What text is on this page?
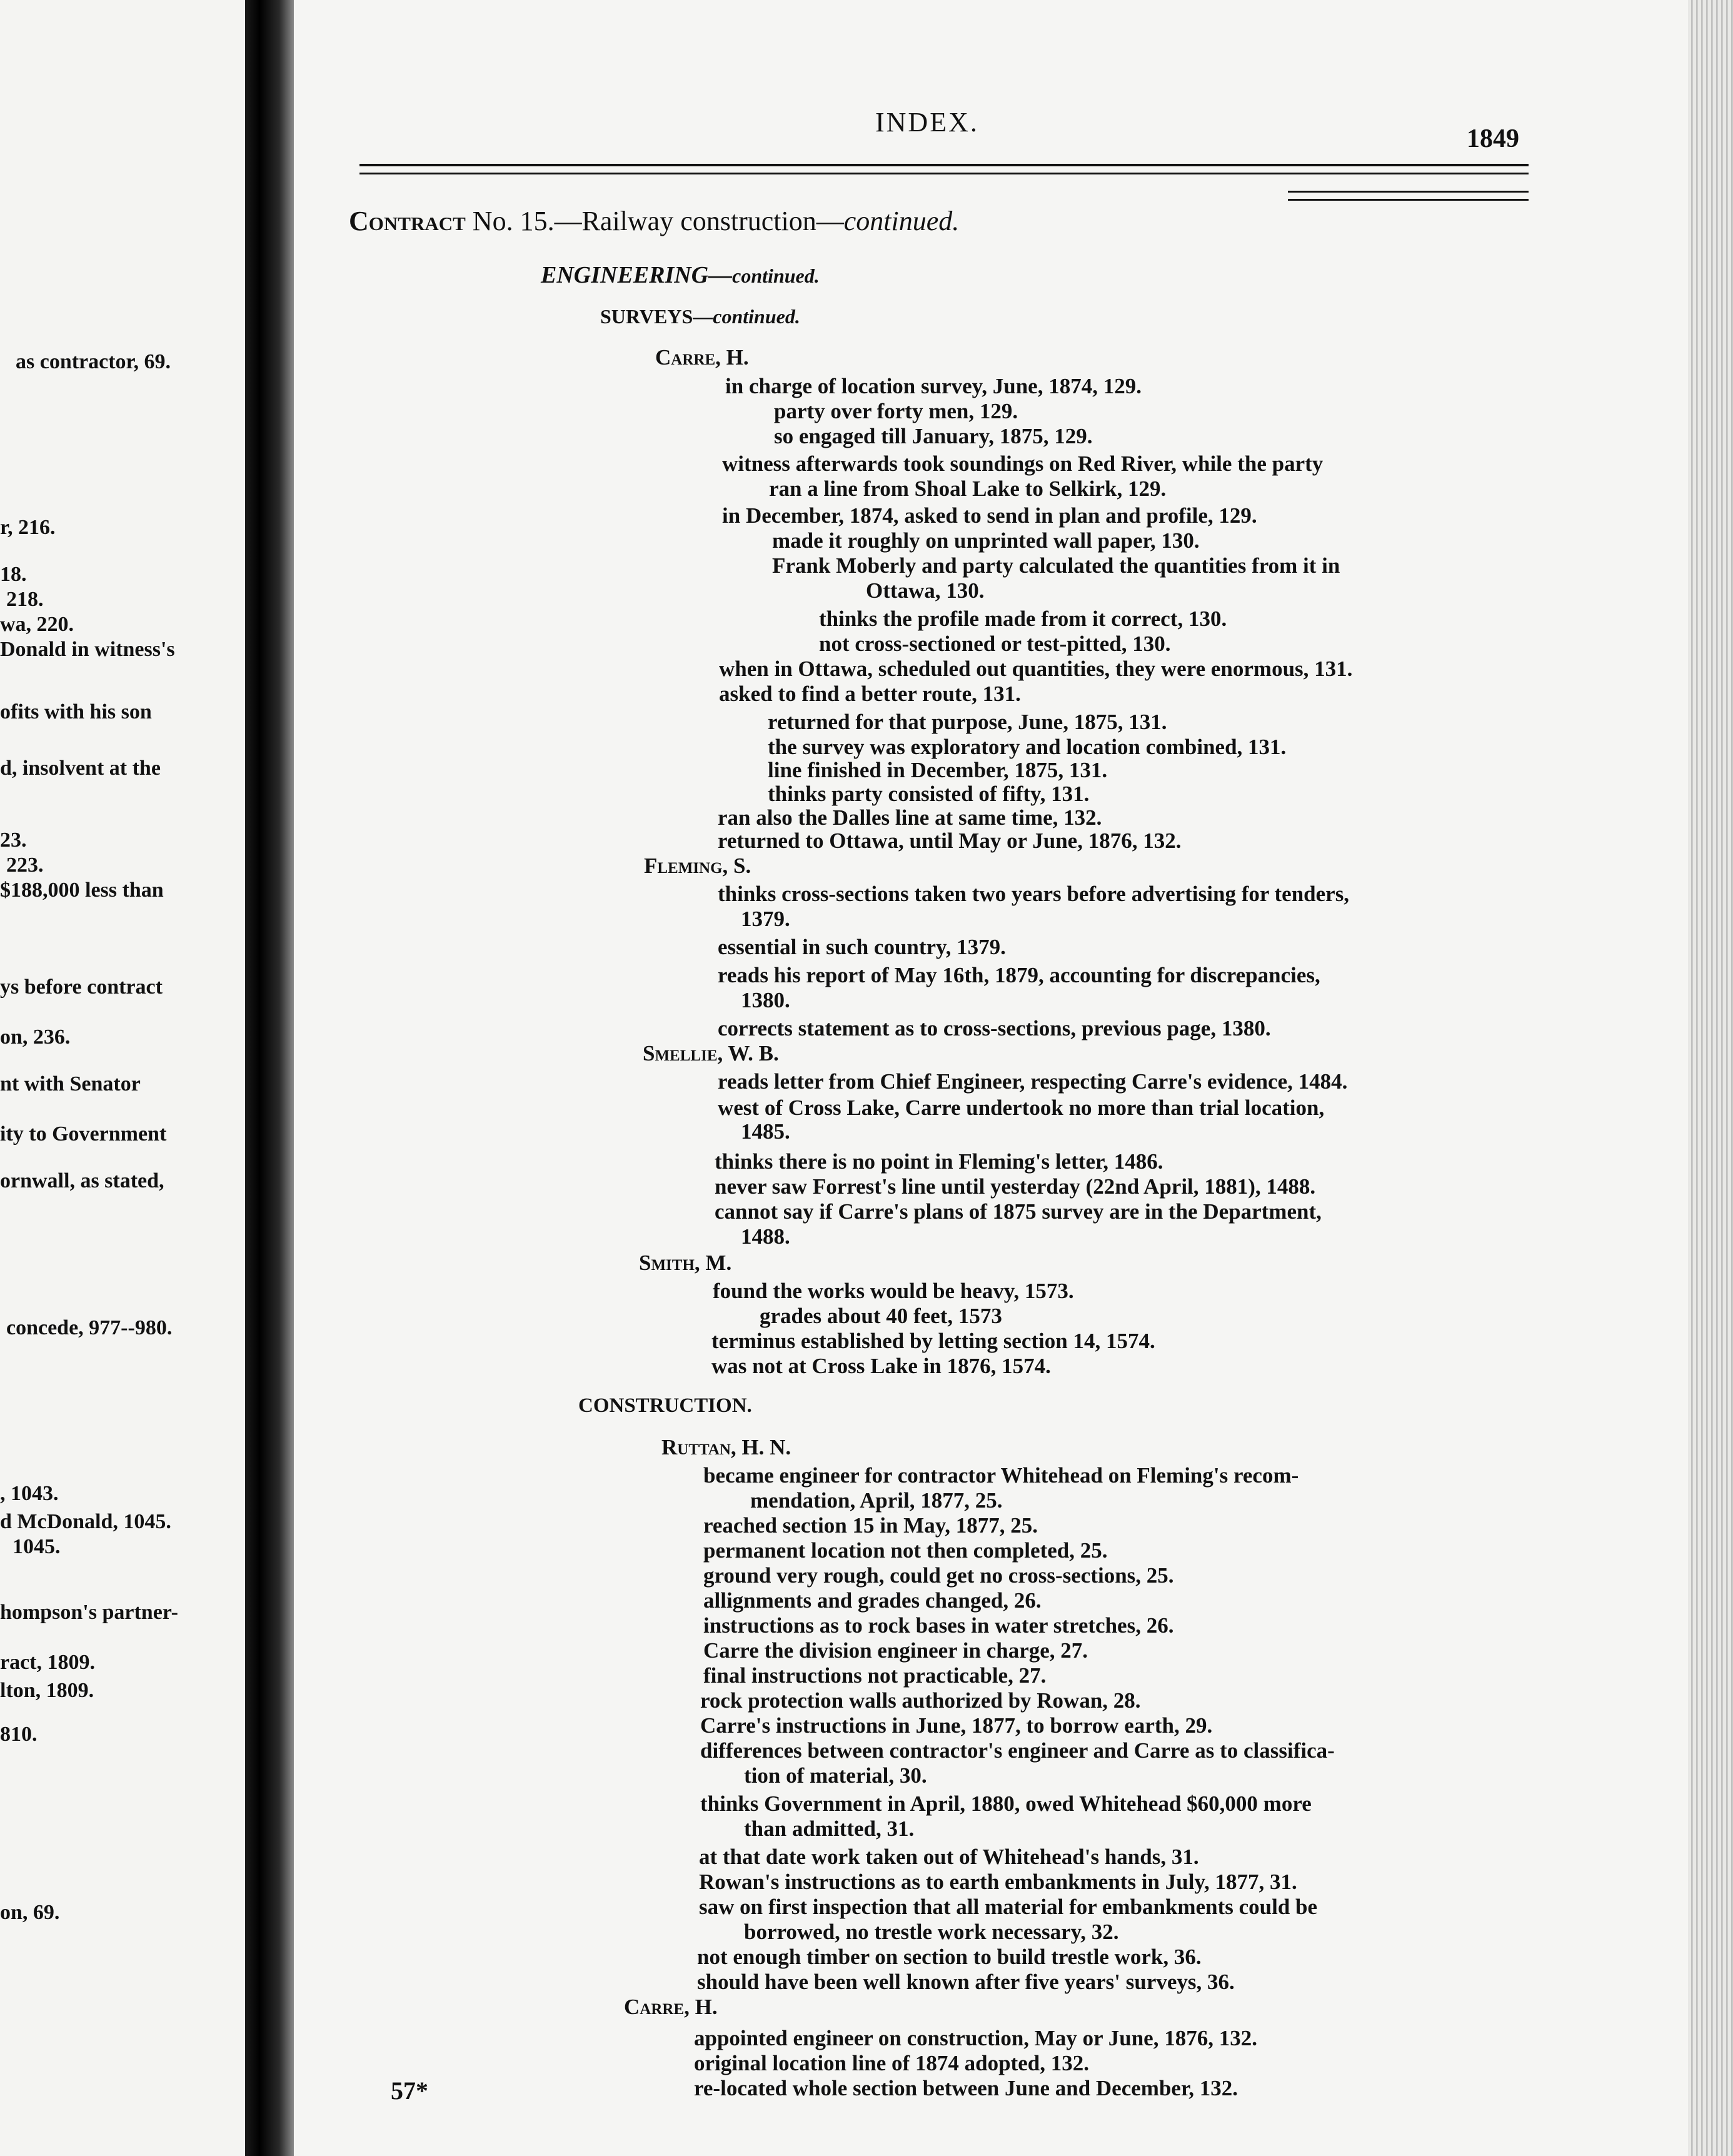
as contractor, 69.
r, 216.
18.
218.
wa, 220.
Donald in witness's
ofits with his son
d, insolvent at the
23.
223.
$188,000 less than
ys before contract
on, 236.
nt with Senator
ity to Government
ornwall, as stated,
concede, 977--980.
, 1043.
d McDonald, 1045.
1045.
hompson's partner-
ract, 1809.
lton, 1809.
810.
on, 69.
INDEX.
1849
Contract No. 15.—Railway construction—continued.
ENGINEERING—continued.
SURVEYS—continued.
Carre, H.
in charge of location survey, June, 1874, 129.
party over forty men, 129.
so engaged till January, 1875, 129.
witness afterwards took soundings on Red River, while the party
ran a line from Shoal Lake to Selkirk, 129.
in December, 1874, asked to send in plan and profile, 129.
made it roughly on unprinted wall paper, 130.
Frank Moberly and party calculated the quantities from it in
Ottawa, 130.
thinks the profile made from it correct, 130.
not cross-sectioned or test-pitted, 130.
when in Ottawa, scheduled out quantities, they were enormous, 131.
asked to find a better route, 131.
returned for that purpose, June, 1875, 131.
the survey was exploratory and location combined, 131.
line finished in December, 1875, 131.
thinks party consisted of fifty, 131.
ran also the Dalles line at same time, 132.
returned to Ottawa, until May or June, 1876, 132.
Fleming, S.
thinks cross-sections taken two years before advertising for tenders,
1379.
essential in such country, 1379.
reads his report of May 16th, 1879, accounting for discrepancies,
1380.
corrects statement as to cross-sections, previous page, 1380.
Smellie, W. B.
reads letter from Chief Engineer, respecting Carre's evidence, 1484.
west of Cross Lake, Carre undertook no more than trial location,
1485.
thinks there is no point in Fleming's letter, 1486.
never saw Forrest's line until yesterday (22nd April, 1881), 1488.
cannot say if Carre's plans of 1875 survey are in the Department,
1488.
Smith, M.
found the works would be heavy, 1573.
grades about 40 feet, 1573
terminus established by letting section 14, 1574.
was not at Cross Lake in 1876, 1574.
CONSTRUCTION.
Ruttan, H. N.
became engineer for contractor Whitehead on Fleming's recom-
mendation, April, 1877, 25.
reached section 15 in May, 1877, 25.
permanent location not then completed, 25.
ground very rough, could get no cross-sections, 25.
allignments and grades changed, 26.
instructions as to rock bases in water stretches, 26.
Carre the division engineer in charge, 27.
final instructions not practicable, 27.
rock protection walls authorized by Rowan, 28.
Carre's instructions in June, 1877, to borrow earth, 29.
differences between contractor's engineer and Carre as to classifica-
tion of material, 30.
thinks Government in April, 1880, owed Whitehead $60,000 more
than admitted, 31.
at that date work taken out of Whitehead's hands, 31.
Rowan's instructions as to earth embankments in July, 1877, 31.
saw on first inspection that all material for embankments could be
borrowed, no trestle work necessary, 32.
not enough timber on section to build trestle work, 36.
should have been well known after five years' surveys, 36.
Carre, H.
appointed engineer on construction, May or June, 1876, 132.
original location line of 1874 adopted, 132.
re-located whole section between June and December, 132.
57*
